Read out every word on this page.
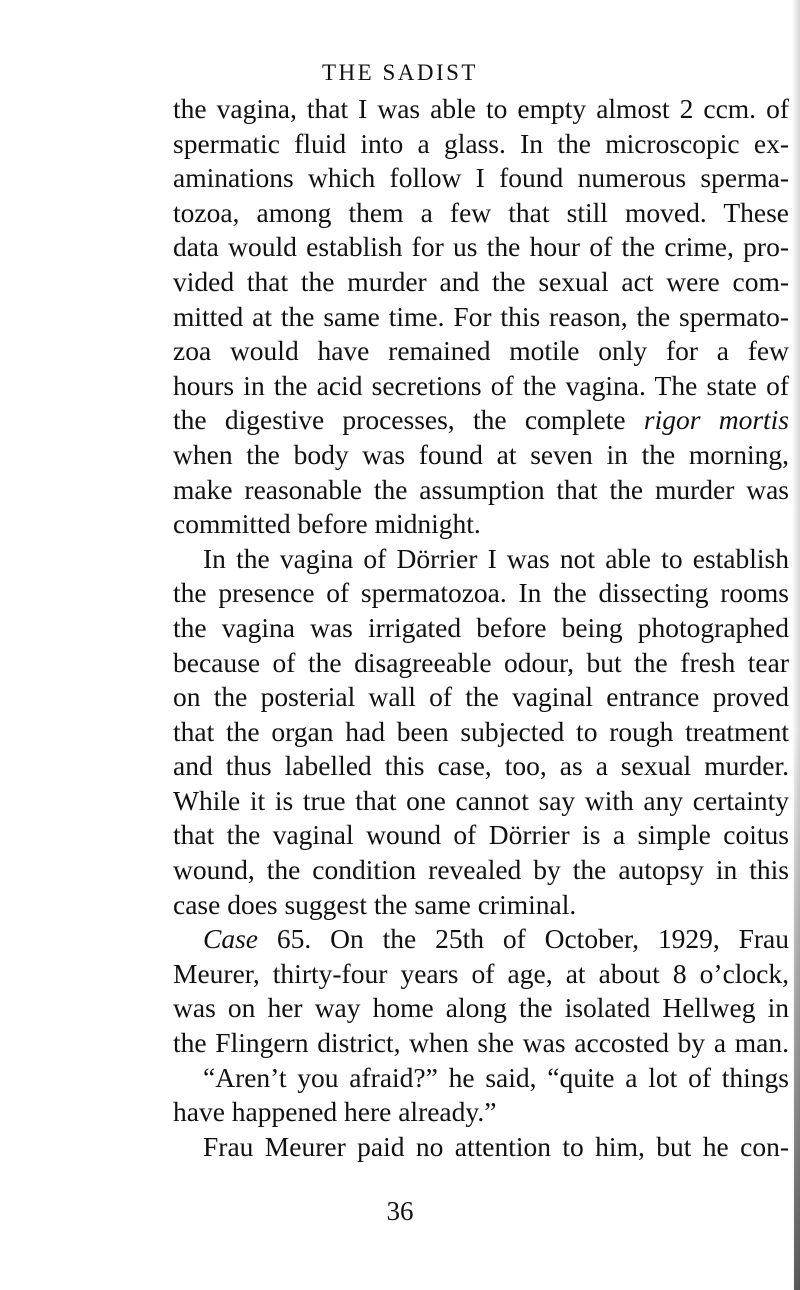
THE SADIST
the vagina, that I was able to empty almost 2 ccm. of
spermatic fluid into a glass. In the microscopic ex-
aminations which follow I found numerous sperma-
tozoa, among them a few that still moved. These
data would establish for us the hour of the crime, pro-
vided that the murder and the sexual act were com-
mitted at the same time. For this reason, the spermato-
zoa would have remained motile only for a few
hours in the acid secretions of the vagina. The state of
the digestive processes, the complete rigor mortis
when the body was found at seven in the morning,
make reasonable the assumption that the murder was
committed before midnight.
In the vagina of Dörrier I was not able to establish
the presence of spermatozoa. In the dissecting rooms
the vagina was irrigated before being photographed
because of the disagreeable odour, but the fresh tear
on the posterial wall of the vaginal entrance proved
that the organ had been subjected to rough treatment
and thus labelled this case, too, as a sexual murder.
While it is true that one cannot say with any certainty
that the vaginal wound of Dörrier is a simple coitus
wound, the condition revealed by the autopsy in this
case does suggest the same criminal.
Case 65. On the 25th of October, 1929, Frau
Meurer, thirty-four years of age, at about 8 o’clock,
was on her way home along the isolated Hellweg in
the Flingern district, when she was accosted by a man.
“Aren’t you afraid?” he said, “quite a lot of things
have happened here already.”
Frau Meurer paid no attention to him, but he con-
36
